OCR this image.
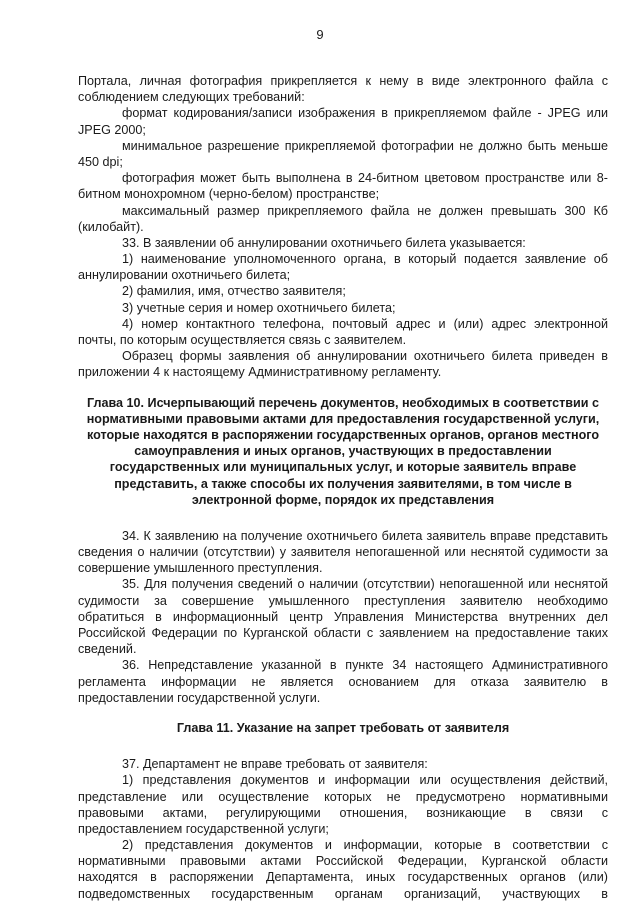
9
Портала, личная фотография прикрепляется к нему в виде электронного файла с
соблюдением следующих требований:
формат кодирования/записи изображения в прикрепляемом файле - JPEG или
JPEG 2000;
минимальное разрешение прикрепляемой фотографии не должно быть меньше
450 dpi;
фотография может быть выполнена в 24-битном цветовом пространстве или 8-
битном монохромном (черно-белом) пространстве;
максимальный размер прикрепляемого файла не должен превышать 300 Кб
(килобайт).
33. В заявлении об аннулировании охотничьего билета указывается:
1) наименование уполномоченного органа, в который подается заявление об
аннулировании охотничьего билета;
2) фамилия, имя, отчество заявителя;
3) учетные серия и номер охотничьего билета;
4) номер контактного телефона, почтовый адрес и (или) адрес электронной
почты, по которым осуществляется связь с заявителем.
Образец формы заявления об аннулировании охотничьего билета приведен в
приложении 4 к настоящему Административному регламенту.
Глава 10. Исчерпывающий перечень документов, необходимых в соответствии с
нормативными правовыми актами для предоставления государственной услуги,
которые находятся в распоряжении государственных органов, органов местного
самоуправления и иных органов, участвующих в предоставлении
государственных или муниципальных услуг, и которые заявитель вправе
представить, а также способы их получения заявителями, в том числе в
электронной форме, порядок их представления
34. К заявлению на получение охотничьего билета заявитель вправе представить
сведения о наличии (отсутствии) у заявителя непогашенной или неснятой судимости за
совершение умышленного преступления.
35. Для получения сведений о наличии (отсутствии) непогашенной или неснятой
судимости за совершение умышленного преступления заявителю необходимо
обратиться в информационный центр Управления Министерства внутренних дел
Российской Федерации по Курганской области с заявлением на предоставление таких
сведений.
36. Непредставление указанной в пункте 34 настоящего Административного
регламента информации не является основанием для отказа заявителю в
предоставлении государственной услуги.
Глава 11. Указание на запрет требовать от заявителя
37. Департамент не вправе требовать от заявителя:
1) представления документов и информации или осуществления действий,
представление или осуществление которых не предусмотрено нормативными
правовыми актами, регулирующими отношения, возникающие в связи с
предоставлением государственной услуги;
2) представления документов и информации, которые в соответствии с
нормативными правовыми актами Российской Федерации, Курганской области
находятся в распоряжении Департамента, иных государственных органов (или)
подведомственных государственным органам организаций, участвующих в
